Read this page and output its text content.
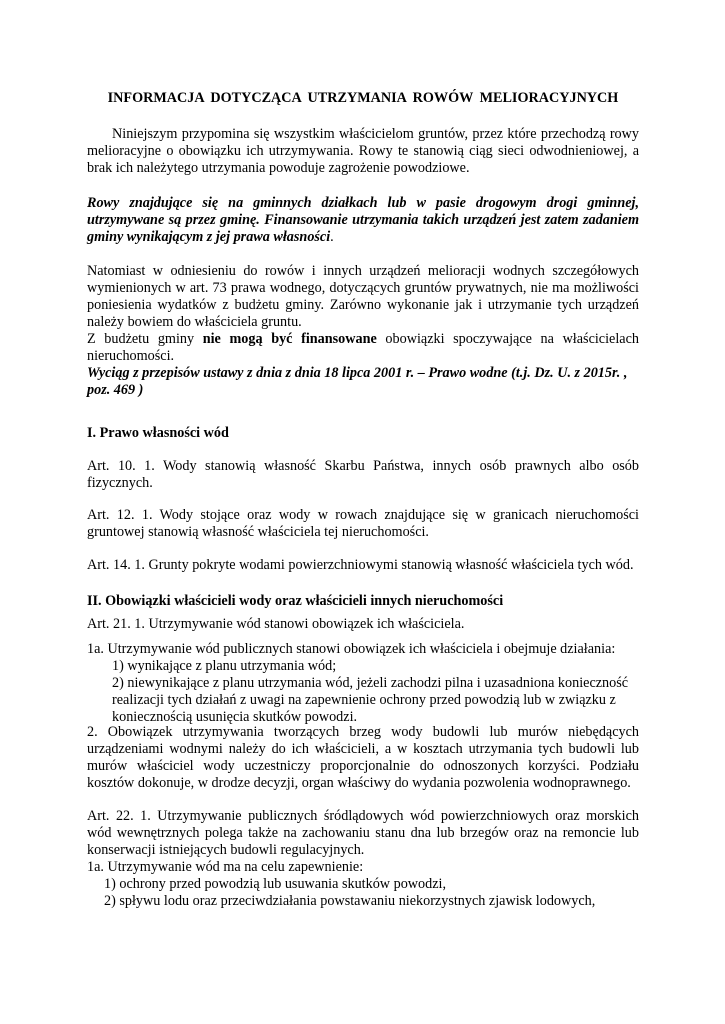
INFORMACJA DOTYCZĄCA UTRZYMANIA ROWÓW MELIORACYJNYCH

Niniejszym przypomina się wszystkim właścicielom gruntów, przez które przechodzą rowy melioracyjne o obowiązku ich utrzymywania. Rowy te stanowią ciąg sieci odwodnieniowej, a brak ich należytego utrzymania powoduje zagrożenie powodziowe.

Rowy znajdujące się na gminnych działkach lub w pasie drogowym drogi gminnej, utrzymywane są przez gminę. Finansowanie utrzymania takich urządzeń jest zatem zadaniem gminy wynikającym z jej prawa własności.

Natomiast w odniesieniu do rowów i innych urządzeń melioracji wodnych szczegółowych wymienionych w art. 73 prawa wodnego, dotyczących gruntów prywatnych, nie ma możliwości poniesienia wydatków z budżetu gminy. Zarówno wykonanie jak i utrzymanie tych urządzeń należy bowiem do właściciela gruntu.

Z budżetu gminy nie mogą być finansowane obowiązki spoczywające na właścicielach nieruchomości.

Wyciąg z przepisów ustawy z dnia z dnia 18 lipca 2001 r. – Prawo wodne (t.j. Dz. U. z 2015r. , poz. 469 )

I. Prawo własności wód

Art. 10. 1. Wody stanowią własność Skarbu Państwa, innych osób prawnych albo osób fizycznych.

Art. 12. 1. Wody stojące oraz wody w rowach znajdujące się w granicach nieruchomości gruntowej stanowią własność właściciela tej nieruchomości.

Art. 14. 1. Grunty pokryte wodami powierzchniowymi stanowią własność właściciela tych wód.

II. Obowiązki właścicieli wody oraz właścicieli innych nieruchomości

Art. 21. 1. Utrzymywanie wód stanowi obowiązek ich właściciela.

1a. Utrzymywanie wód publicznych stanowi obowiązek ich właściciela i obejmuje działania:

1) wynikające z planu utrzymania wód;

2) niewynikające z planu utrzymania wód, jeżeli zachodzi pilna i uzasadniona konieczność realizacji tych działań z uwagi na zapewnienie ochrony przed powodzią lub w związku z koniecznością usunięcia skutków powodzi.

2. Obowiązek utrzymywania tworzących brzeg wody budowli lub murów niebędących urządzeniami wodnymi należy do ich właścicieli, a w kosztach utrzymania tych budowli lub murów właściciel wody uczestniczy proporcjonalnie do odnoszonych korzyści. Podziału kosztów dokonuje, w drodze decyzji, organ właściwy do wydania pozwolenia wodnoprawnego.

Art. 22. 1. Utrzymywanie publicznych śródlądowych wód powierzchniowych oraz morskich wód wewnętrznych polega także na zachowaniu stanu dna lub brzegów oraz na remoncie lub konserwacji istniejących budowli regulacyjnych.

1a. Utrzymywanie wód ma na celu zapewnienie:

1) ochrony przed powodzią lub usuwania skutków powodzi,

2) spływu lodu oraz przeciwdziałania powstawaniu niekorzystnych zjawisk lodowych,
